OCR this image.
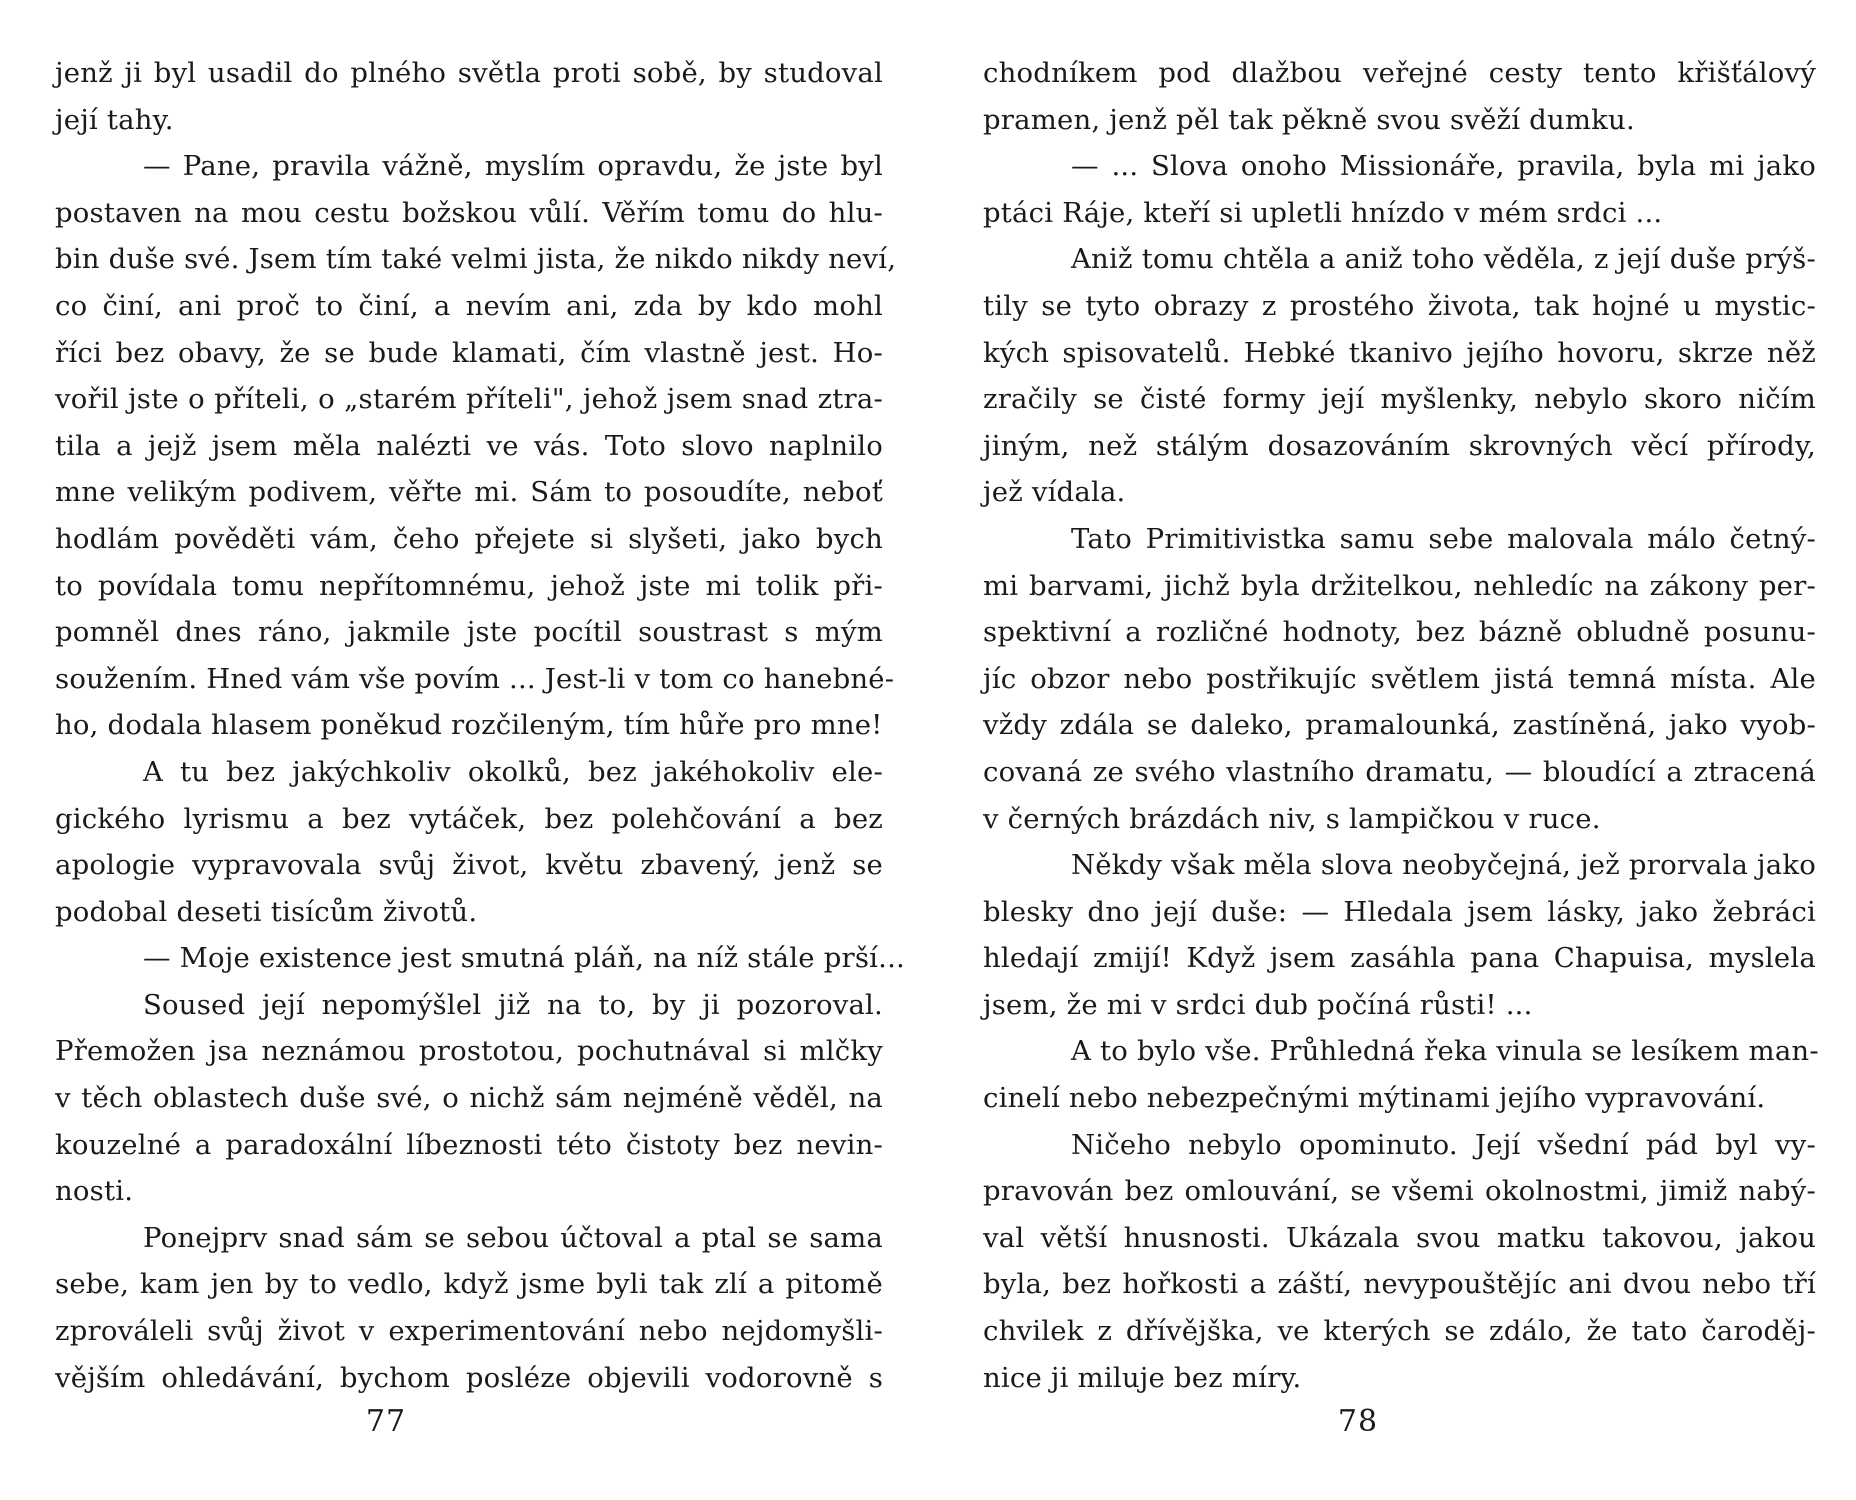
jenž ji byl usadil do plného světla proti sobě, by studoval
její tahy.
— Pane, pravila vážně, myslím opravdu, že jste byl
postaven na mou cestu božskou vůlí. Věřím tomu do hlu-
bin duše své. Jsem tím také velmi jista, že nikdo nikdy neví,
co činí, ani proč to činí, a nevím ani, zda by kdo mohl
říci bez obavy, že se bude klamati, čím vlastně jest. Ho-
vořil jste o příteli, o „starém příteli", jehož jsem snad ztra-
tila a jejž jsem měla nalézti ve vás. Toto slovo naplnilo
mne velikým podivem, věřte mi. Sám to posoudíte, neboť
hodlám pověděti vám, čeho přejete si slyšeti, jako bych
to povídala tomu nepřítomnému, jehož jste mi tolik při-
pomněl dnes ráno, jakmile jste pocítil soustrast s mým
soužením. Hned vám vše povím ... Jest-li v tom co hanebné-
ho, dodala hlasem poněkud rozčileným, tím hůře pro mne!
A tu bez jakýchkoliv okolků, bez jakéhokoliv ele-
gického lyrismu a bez vytáček, bez polehčování a bez
apologie vypravovala svůj život, květu zbavený, jenž se
podobal deseti tisícům životů.
— Moje existence jest smutná pláň, na níž stále prší...
Soused její nepomýšlel již na to, by ji pozoroval.
Přemožen jsa neznámou prostotou, pochutnával si mlčky
v těch oblastech duše své, o nichž sám nejméně věděl, na
kouzelné a paradoxální líbeznosti této čistoty bez nevin-
nosti.
Ponejprv snad sám se sebou účtoval a ptal se sama
sebe, kam jen by to vedlo, když jsme byli tak zlí a pitomě
zprováleli svůj život v experimentování nebo nejdomyšli-
vějším ohledávání, bychom posléze objevili vodorovně s
77
chodníkem pod dlažbou veřejné cesty tento křišťálový
pramen, jenž pěl tak pěkně svou svěží dumku.
— ... Slova onoho Missionáře, pravila, byla mi jako
ptáci Ráje, kteří si upletli hnízdo v mém srdci ...
Aniž tomu chtěla a aniž toho věděla, z její duše prýš-
tily se tyto obrazy z prostého života, tak hojné u mystic-
kých spisovatelů. Hebké tkanivo jejího hovoru, skrze něž
zračily se čisté formy její myšlenky, nebylo skoro ničím
jiným, než stálým dosazováním skrovných věcí přírody,
jež vídala.
Tato Primitivistka samu sebe malovala málo četný-
mi barvami, jichž byla držitelkou, nehledíc na zákony per-
spektivní a rozličné hodnoty, bez bázně obludně posunu-
jíc obzor nebo postřikujíc světlem jistá temná místa. Ale
vždy zdála se daleko, pramalounká, zastíněná, jako vyob-
covaná ze svého vlastního dramatu, — bloudící a ztracená
v černých brázdách niv, s lampičkou v ruce.
Někdy však měla slova neobyčejná, jež prorvala jako
blesky dno její duše: — Hledala jsem lásky, jako žebráci
hledají zmijí! Když jsem zasáhla pana Chapuisa, myslela
jsem, že mi v srdci dub počíná růsti! ...
A to bylo vše. Průhledná řeka vinula se lesíkem man-
cinelí nebo nebezpečnými mýtinami jejího vypravování.
Ničeho nebylo opominuto. Její všední pád byl vy-
pravován bez omlouvání, se všemi okolnostmi, jimiž nabý-
val větší hnusnosti. Ukázala svou matku takovou, jakou
byla, bez hořkosti a záští, nevypouštějíc ani dvou nebo tří
chvilek z dřívějška, ve kterých se zdálo, že tato čaroděj-
nice ji miluje bez míry.
78
